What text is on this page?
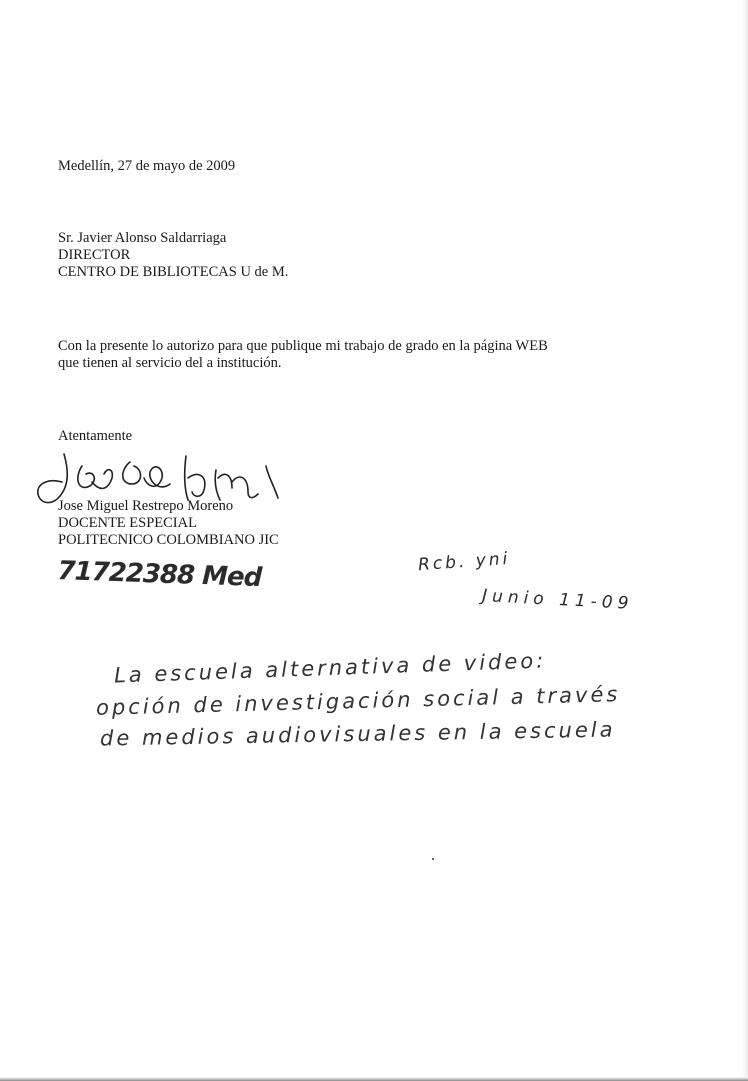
Medellín, 27 de mayo de 2009
Sr. Javier Alonso Saldarriaga
DIRECTOR
CENTRO DE BIBLIOTECAS U de M.
Con la presente lo autorizo para que publique mi trabajo de grado en la página WEB
que tienen al servicio del a institución.
Atentamente
Jose Miguel Restrepo Moreno
DOCENTE ESPECIAL
POLITECNICO COLOMBIANO JIC
71722388 Med	Rcb. yni
Junio 11-09
La escuela alternativa de video:
opción de investigación social a través
de medios audiovisuales en la escuela
